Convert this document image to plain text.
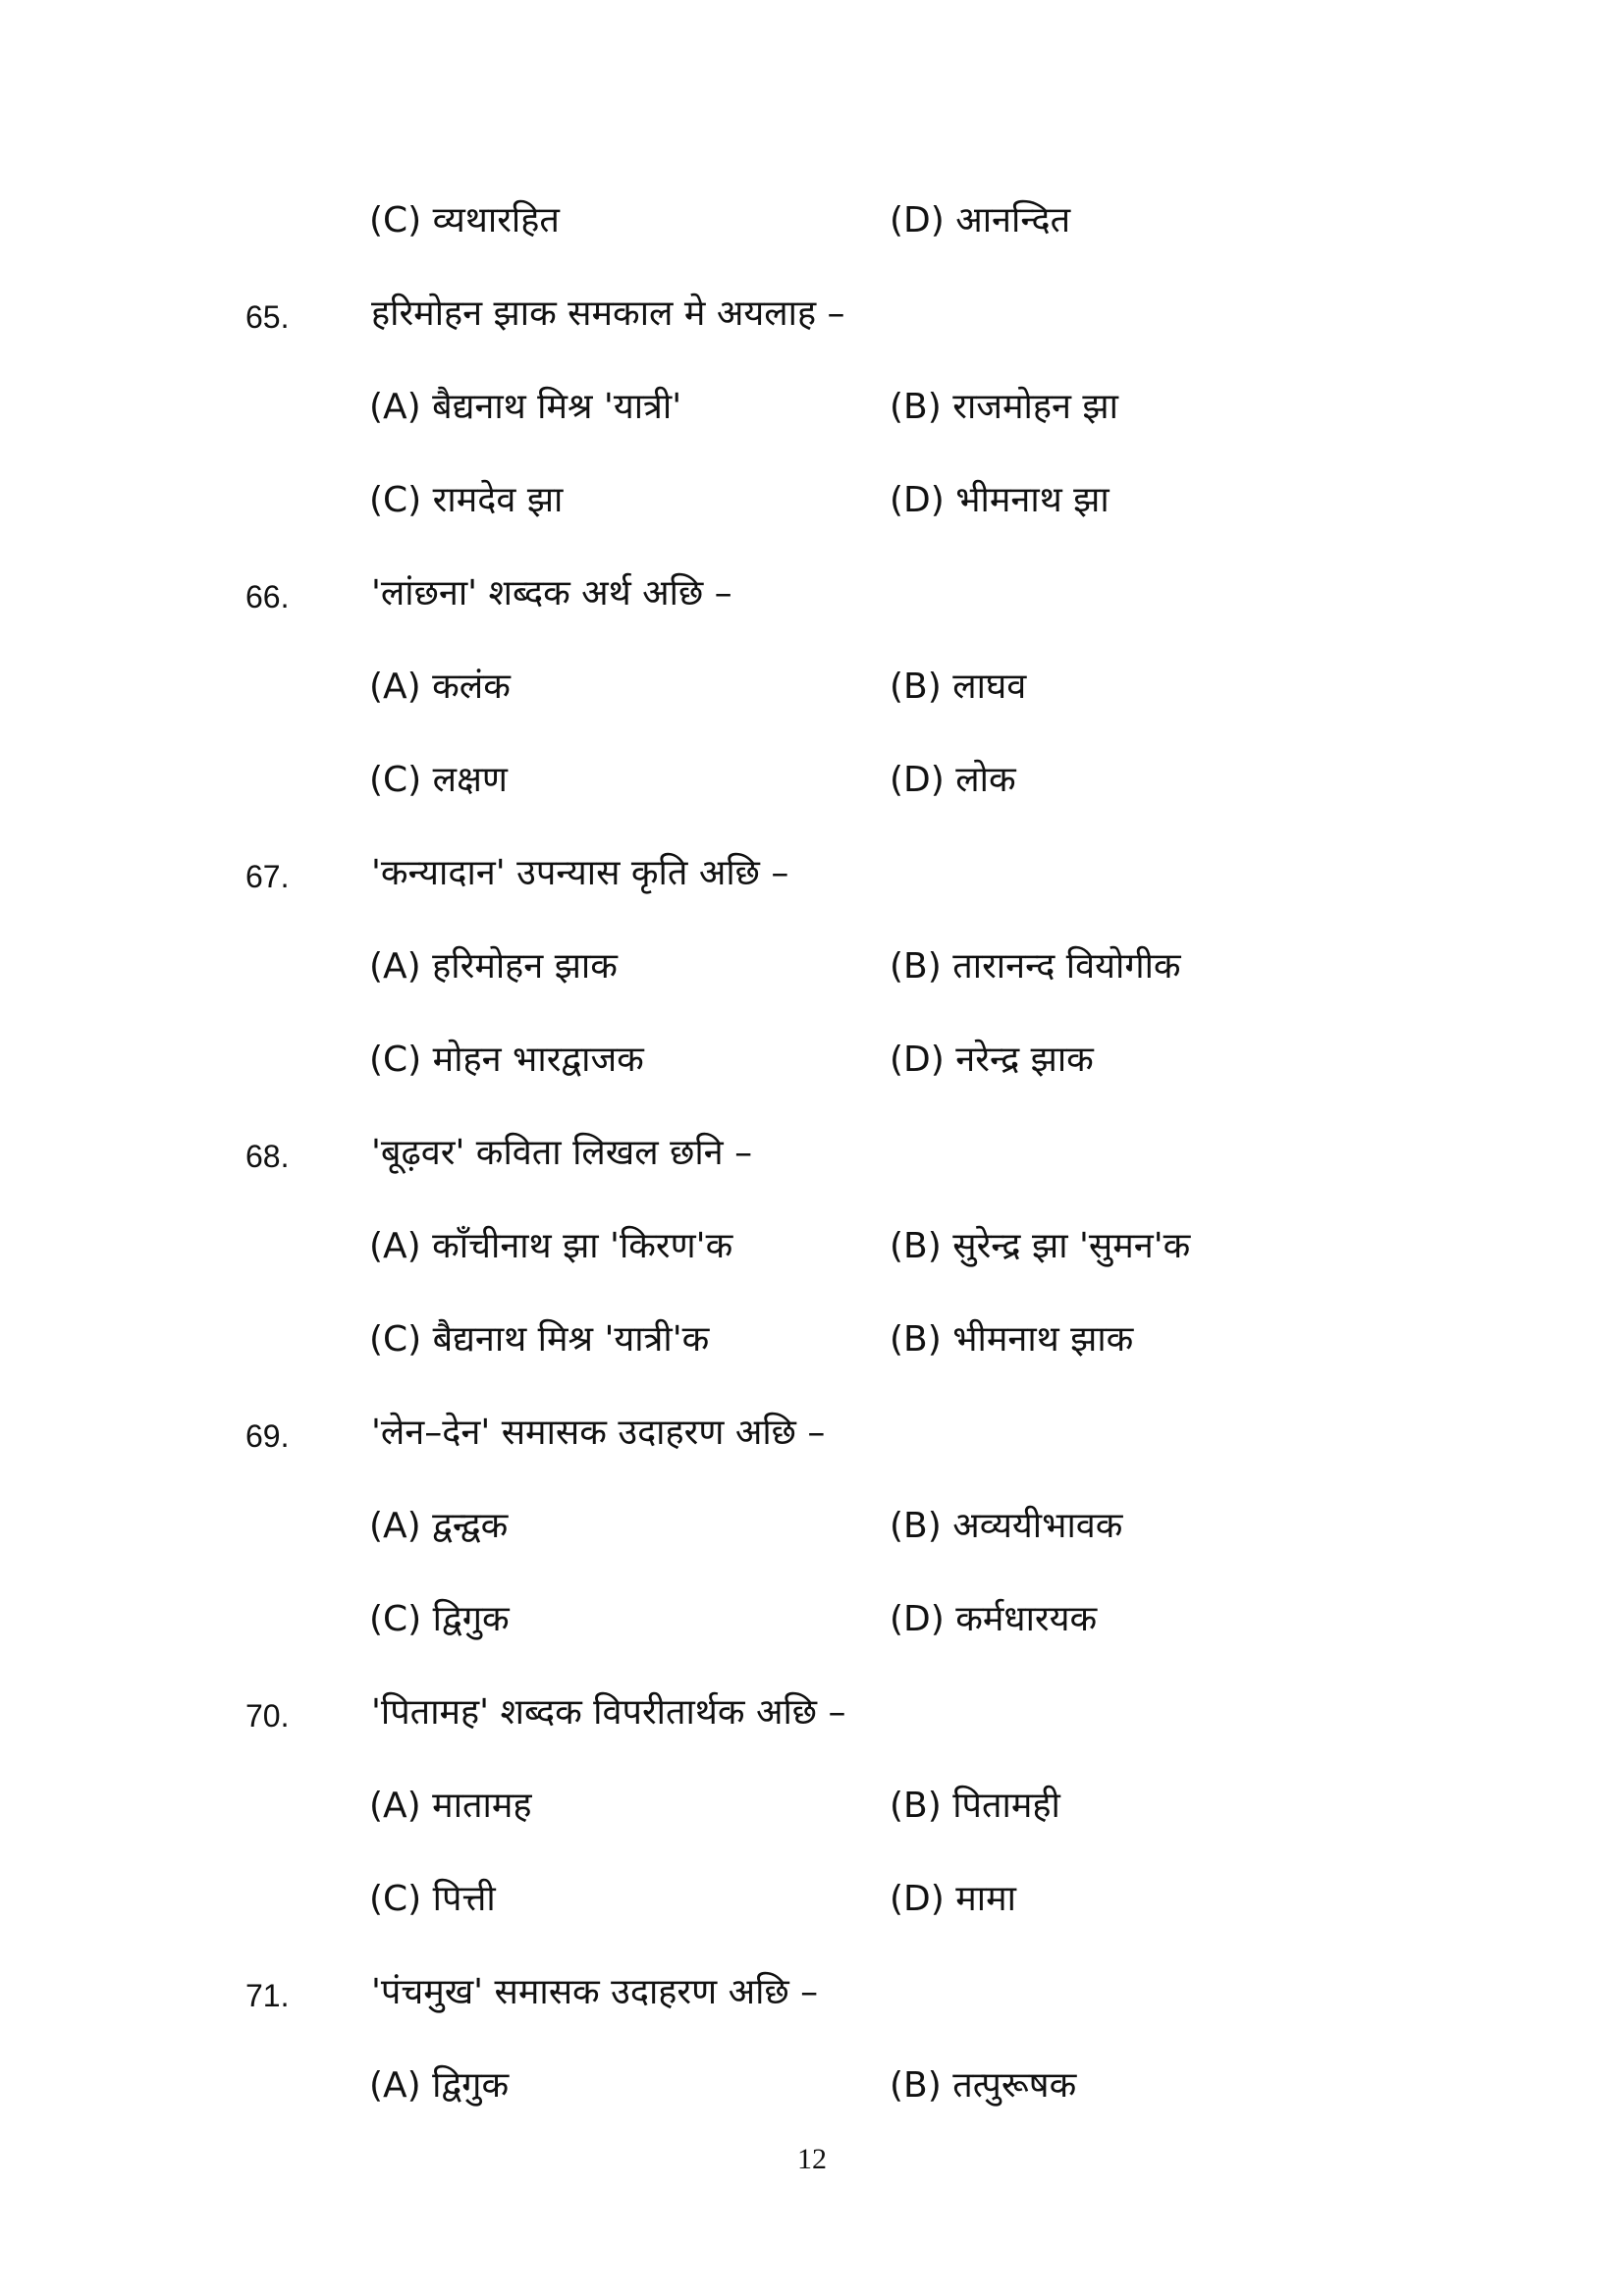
(C) व्यथारहित	(D) आनन्दित
65. हरिमोहन झाक समकाल मे अयलाह –
(A) बैद्यनाथ मिश्र 'यात्री'	(B) राजमोहन झा
(C) रामदेव झा	(D) भीमनाथ झा
66. 'लांछना' शब्दक अर्थ अछि –
(A) कलंक	(B) लाघव
(C) लक्षण	(D) लोक
67. 'कन्यादान' उपन्यास कृति अछि –
(A) हरिमोहन झाक	(B) तारानन्द वियोगीक
(C) मोहन भारद्वाजक	(D) नरेन्द्र झाक
68. 'बूढ़वर' कविता लिखल छनि –
(A) काँचीनाथ झा 'किरण'क	(B) सुरेन्द्र झा 'सुमन'क
(C) बैद्यनाथ मिश्र 'यात्री'क	(B) भीमनाथ झाक
69. 'लेन–देन' समासक उदाहरण अछि –
(A) द्वन्द्वक	(B) अव्ययीभावक
(C) द्विगुक	(D) कर्मधारयक
70. 'पितामह' शब्दक विपरीतार्थक अछि –
(A) मातामह	(B) पितामही
(C) पित्ती	(D) मामा
71. 'पंचमुख' समासक उदाहरण अछि –
(A) द्विगुक	(B) तत्पुरूषक
12
